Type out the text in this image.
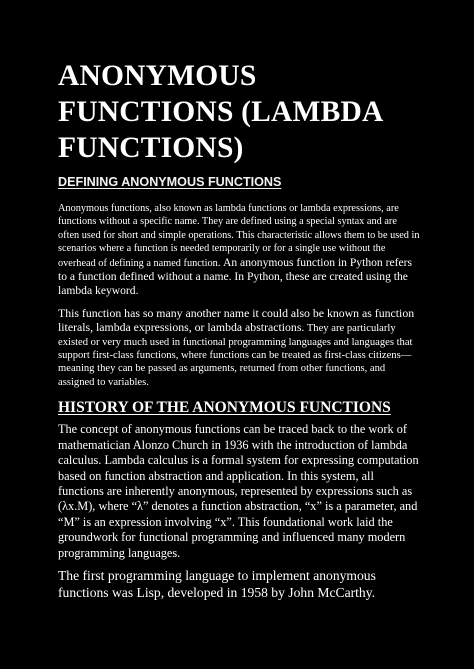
ANONYMOUS FUNCTIONS (LAMBDA FUNCTIONS)
DEFINING ANONYMOUS FUNCTIONS

Anonymous functions, also known as lambda functions or lambda expressions, are functions without a specific name. They are defined using a special syntax and are often used for short and simple operations. This characteristic allows them to be used in scenarios where a function is needed temporarily or for a single use without the overhead of defining a named function. An anonymous function in Python refers to a function defined without a name. In Python, these are created using the lambda keyword.

This function has so many another name it could also be known as function literals, lambda expressions, or lambda abstractions. They are particularly existed or very much used in functional programming languages and languages that support first-class functions, where functions can be treated as first-class citizens—meaning they can be passed as arguments, returned from other functions, and assigned to variables.

HISTORY OF THE ANONYMOUS FUNCTIONS

The concept of anonymous functions can be traced back to the work of mathematician Alonzo Church in 1936 with the introduction of lambda calculus. Lambda calculus is a formal system for expressing computation based on function abstraction and application. In this system, all functions are inherently anonymous, represented by expressions such as (λx.M), where “λ” denotes a function abstraction, “x” is a parameter, and “M” is an expression involving “x”. This foundational work laid the groundwork for functional programming and influenced many modern programming languages.

The first programming language to implement anonymous functions was Lisp, developed in 1958 by John McCarthy.
